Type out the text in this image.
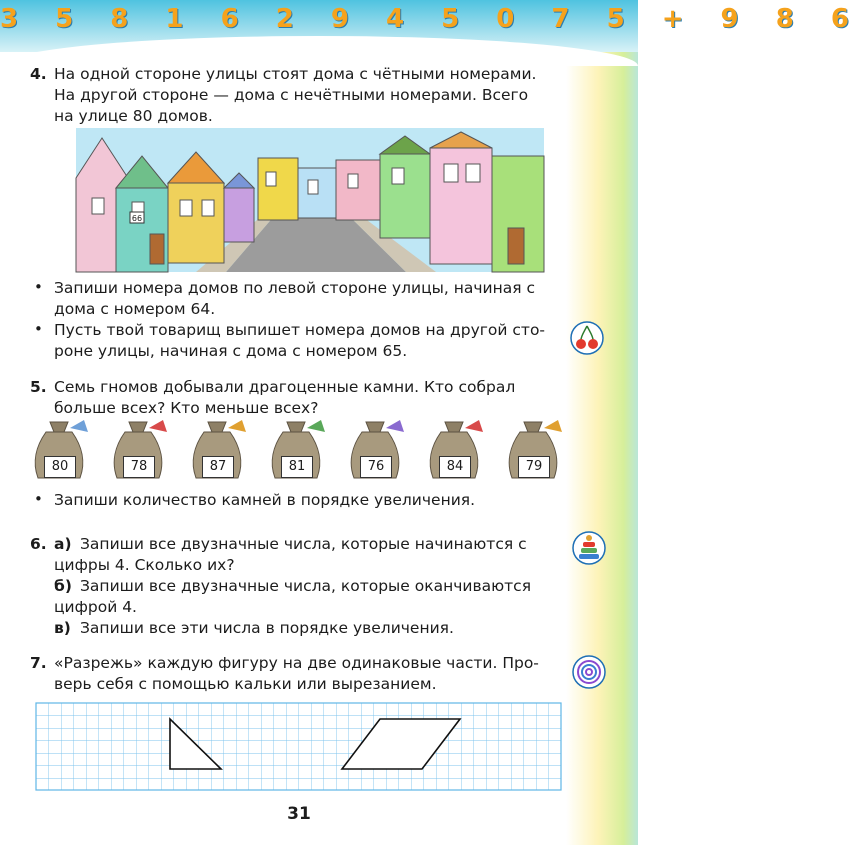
3 5 8 1 6 2 9 4 5 0 7 5 + 9 8 6
4. На одной стороне улицы стоят дома с чётными номерами.
На другой стороне — дома с нечётными номерами. Всего
на улице 80 домов.
66
• Запиши номера домов по левой стороне улицы, начиная с
дома с номером 64.
• Пусть твой товарищ выпишет номера домов на другой сто-
роне улицы, начиная с дома с номером 65.
5. Семь гномов добывали драгоценные камни. Кто собрал
больше всех? Кто меньше всех?
80	78	87	81	76	84	79
• Запиши количество камней в порядке увеличения.
6. а) Запиши все двузначные числа, которые начинаются с
цифры 4. Сколько их?
б) Запиши все двузначные числа, которые оканчиваются
цифрой 4.
в) Запиши все эти числа в порядке увеличения.
7. «Разрежь» каждую фигуру на две одинаковые части. Про-
верь себя с помощью кальки или вырезанием.
31
